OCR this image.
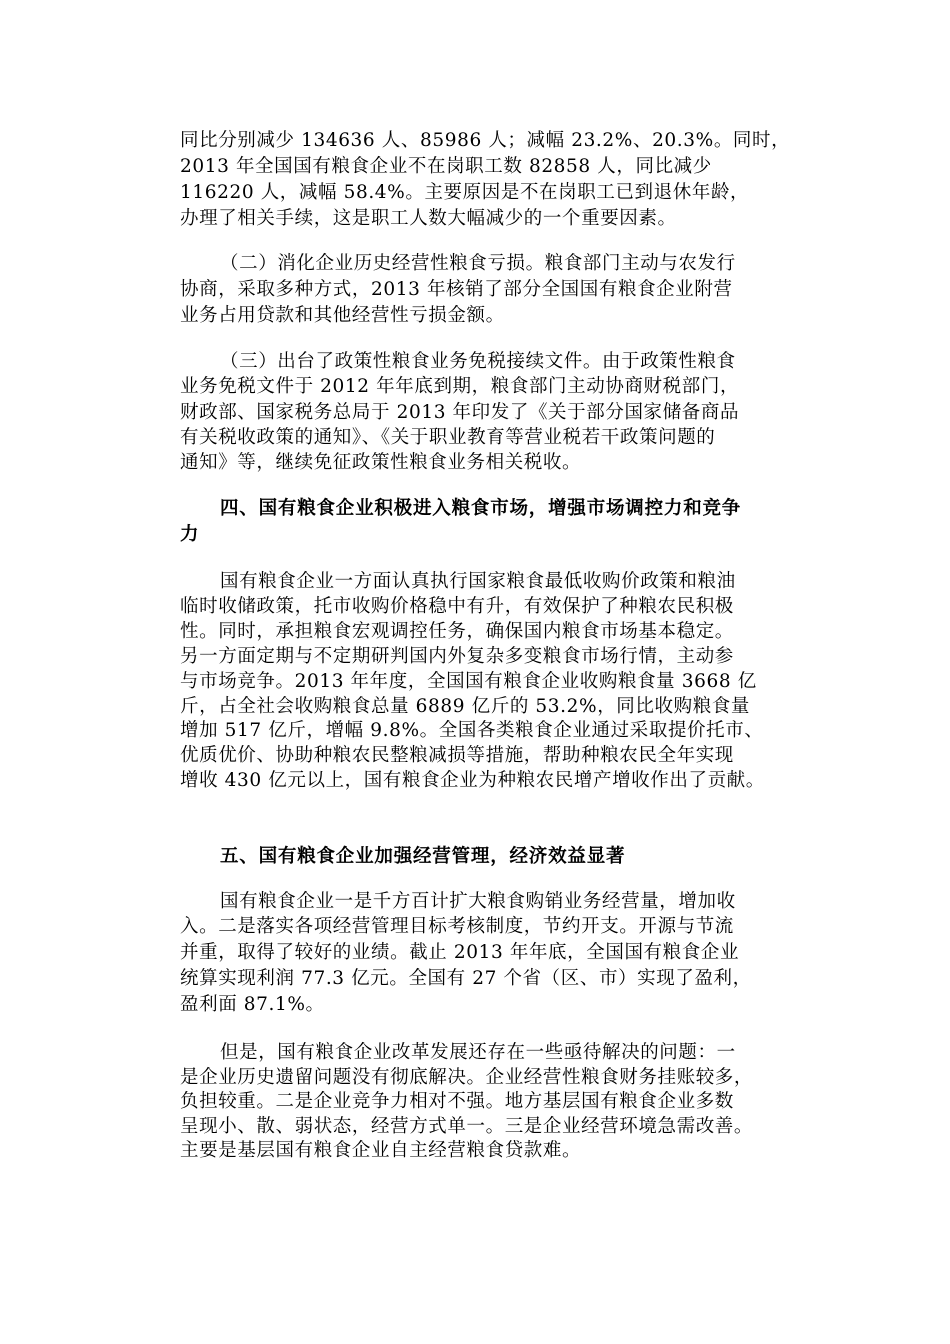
同比分别减少 134636 人、85986 人；减幅 23.2%、20.3%。同时，
2013 年全国国有粮食企业不在岗职工数 82858 人，同比减少
116220 人，减幅 58.4%。主要原因是不在岗职工已到退休年龄，
办理了相关手续，这是职工人数大幅减少的一个重要因素。
（二）消化企业历史经营性粮食亏损。粮食部门主动与农发行
协商，采取多种方式，2013 年核销了部分全国国有粮食企业附营
业务占用贷款和其他经营性亏损金额。
（三）出台了政策性粮食业务免税接续文件。由于政策性粮食
业务免税文件于 2012 年年底到期，粮食部门主动协商财税部门，
财政部、国家税务总局于 2013 年印发了《关于部分国家储备商品
有关税收政策的通知》、《关于职业教育等营业税若干政策问题的
通知》等，继续免征政策性粮食业务相关税收。
四、国有粮食企业积极进入粮食市场，增强市场调控力和竞争
力
国有粮食企业一方面认真执行国家粮食最低收购价政策和粮油
临时收储政策，托市收购价格稳中有升，有效保护了种粮农民积极
性。同时，承担粮食宏观调控任务，确保国内粮食市场基本稳定。
另一方面定期与不定期研判国内外复杂多变粮食市场行情，主动参
与市场竞争。2013 年年度，全国国有粮食企业收购粮食量 3668 亿
斤，占全社会收购粮食总量 6889 亿斤的 53.2%，同比收购粮食量
增加 517 亿斤，增幅 9.8%。全国各类粮食企业通过采取提价托市、
优质优价、协助种粮农民整粮减损等措施，帮助种粮农民全年实现
增收 430 亿元以上，国有粮食企业为种粮农民增产增收作出了贡献。
五、国有粮食企业加强经营管理，经济效益显著
国有粮食企业一是千方百计扩大粮食购销业务经营量，增加收
入。二是落实各项经营管理目标考核制度，节约开支。开源与节流
并重，取得了较好的业绩。截止 2013 年年底，全国国有粮食企业
统算实现利润 77.3 亿元。全国有 27 个省（区、市）实现了盈利，
盈利面 87.1%。
但是，国有粮食企业改革发展还存在一些亟待解决的问题：一
是企业历史遗留问题没有彻底解决。企业经营性粮食财务挂账较多，
负担较重。二是企业竞争力相对不强。地方基层国有粮食企业多数
呈现小、散、弱状态，经营方式单一。三是企业经营环境急需改善。
主要是基层国有粮食企业自主经营粮食贷款难。
